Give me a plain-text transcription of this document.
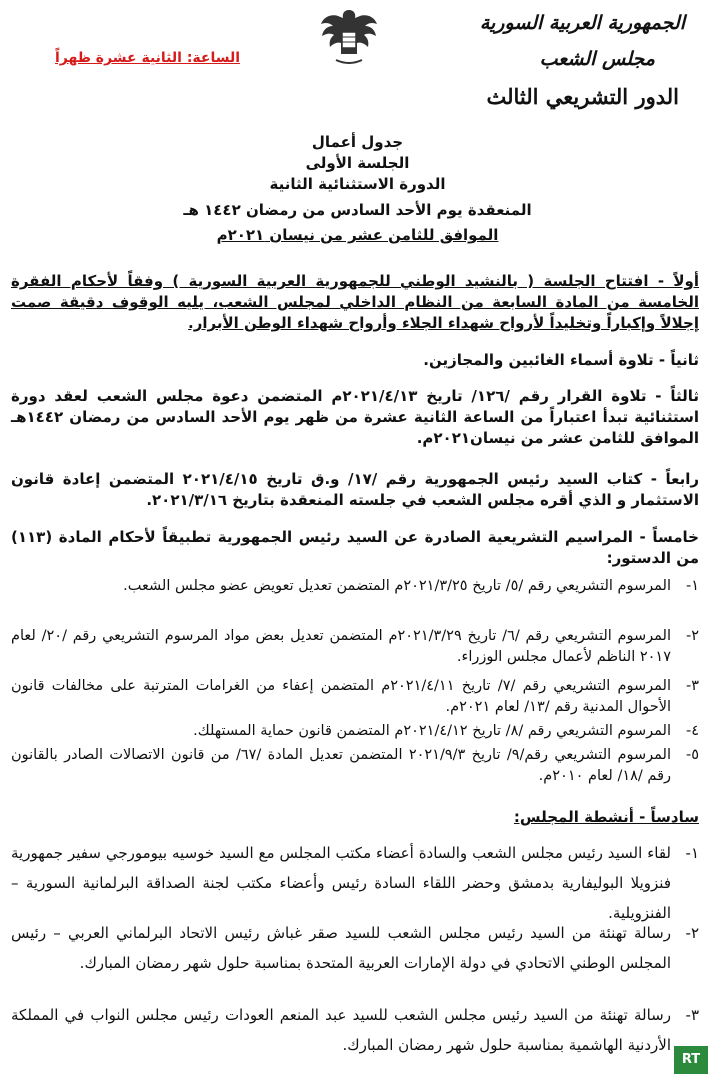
الجمهورية العربية السورية
مجلس الشعب
الدور التشريعي الثالث
الساعة: الثانية عشرة ظهراً
جدول أعمال
الجلسة الأولى
الدورة الاستثنائية الثانية
المنعقدة يوم الأحد السادس من رمضان ١٤٤٢ هـ
الموافق للثامن عشر من نيسان ٢٠٢١م
أولاً - افتتاح الجلسة ( بالنشيد الوطني للجمهورية العربية السورية ) وفقاً لأحكام الفقرة الخامسة من المادة السابعة من النظام الداخلي لمجلس الشعب، يليه الوقوف دقيقة صمت إجلالاً وإكباراً وتخليداً لأرواح شهداء الجلاء وأرواح شهداء الوطن الأبرار.
ثانياً - تلاوة أسماء الغائبين والمجازين.
ثالثاً - تلاوة القرار رقم /١٢٦/ تاريخ ٢٠٢١/٤/١٣م المتضمن دعوة مجلس الشعب لعقد دورة استثنائية تبدأ اعتباراً من الساعة الثانية عشرة من ظهر يوم الأحد السادس من رمضان ١٤٤٢هـ الموافق للثامن عشر من نيسان٢٠٢١م.
رابعاً - كتاب السيد رئيس الجمهورية رقم /١٧/ و.ق تاريخ ٢٠٢١/٤/١٥ المتضمن إعادة قانون الاستثمار و الذي أقره مجلس الشعب في جلسته المنعقدة بتاريخ ٢٠٢١/٣/١٦.
خامساً - المراسيم التشريعية الصادرة عن السيد رئيس الجمهورية تطبيقاً لأحكام المادة (١١٣) من الدستور:
١-
المرسوم التشريعي رقم /٥/ تاريخ ٢٠٢١/٣/٢٥م المتضمن تعديل تعويض عضو مجلس الشعب.
٢-
المرسوم التشريعي رقم /٦/ تاريخ ٢٠٢١/٣/٢٩م المتضمن تعديل بعض مواد المرسوم التشريعي رقم /٢٠/ لعام ٢٠١٧ الناظم لأعمال مجلس الوزراء.
٣-
المرسوم التشريعي رقم /٧/ تاريخ ٢٠٢١/٤/١١م المتضمن إعفاء من الغرامات المترتبة على مخالفات قانون الأحوال المدنية رقم /١٣/ لعام ٢٠٢١م.
٤-
المرسوم التشريعي رقم /٨/ تاريخ ٢٠٢١/٤/١٢م المتضمن قانون حماية المستهلك.
٥-
المرسوم التشريعي رقم/٩/ تاريخ ٢٠٢١/٩/٣ المتضمن تعديل المادة /٦٧/ من قانون الاتصالات الصادر بالقانون رقم /١٨/ لعام ٢٠١٠م.
سادساً - أنشطة المجلس:
١-
لقاء السيد رئيس مجلس الشعب والسادة أعضاء مكتب المجلس مع السيد خوسيه بيومورجي سفير جمهورية فنزويلا البوليفارية بدمشق وحضر اللقاء السادة رئيس وأعضاء مكتب لجنة الصداقة البرلمانية السورية – الفنزويلية.
٢-
رسالة تهنئة من السيد رئيس مجلس الشعب للسيد صقر غباش رئيس الاتحاد البرلماني العربي – رئيس المجلس الوطني الاتحادي في دولة الإمارات العربية المتحدة بمناسبة حلول شهر رمضان المبارك.
٣-
رسالة تهنئة من السيد رئيس مجلس الشعب للسيد عبد المنعم العودات رئيس مجلس النواب في المملكة الأردنية الهاشمية بمناسبة حلول شهر رمضان المبارك.
RT
